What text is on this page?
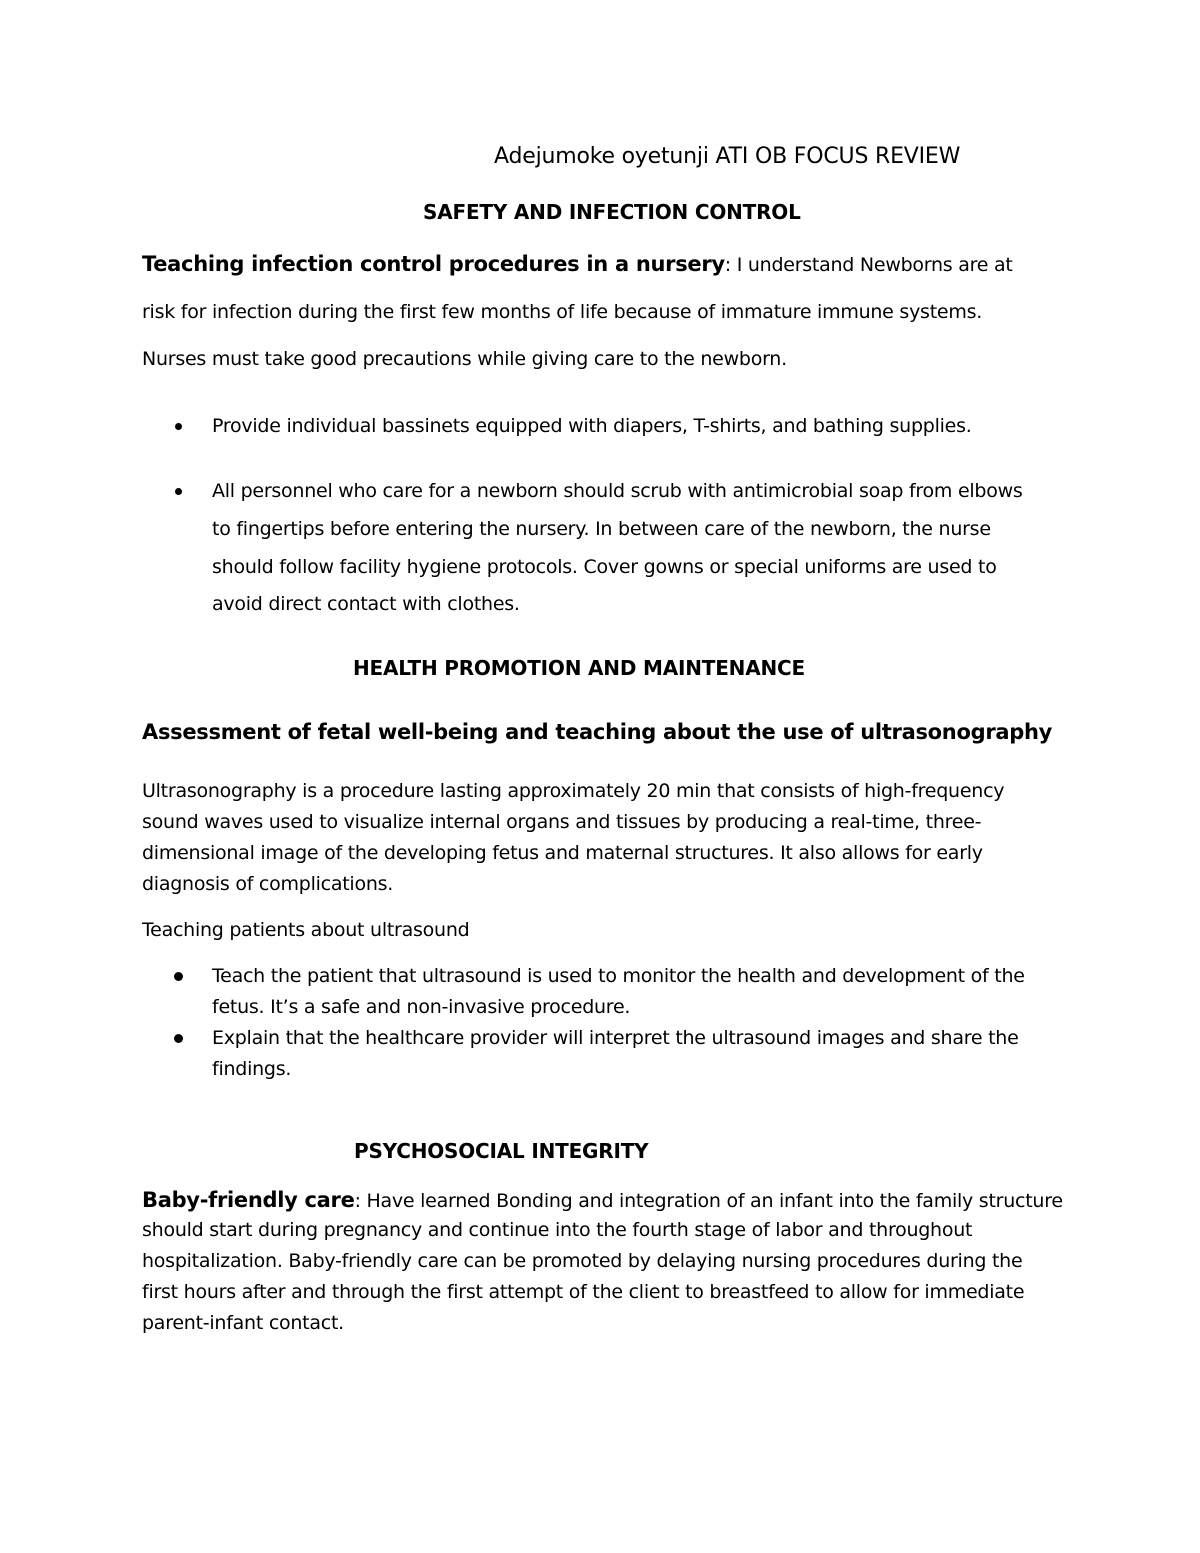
Adejumoke oyetunji ATI OB FOCUS REVIEW
SAFETY AND INFECTION CONTROL
Teaching infection control procedures in a nursery: I understand Newborns are at
risk for infection during the first few months of life because of immature immune systems.
Nurses must take good precautions while giving care to the newborn.
Provide individual bassinets equipped with diapers, T-shirts, and bathing supplies.
All personnel who care for a newborn should scrub with antimicrobial soap from elbows
to fingertips before entering the nursery. In between care of the newborn, the nurse
should follow facility hygiene protocols. Cover gowns or special uniforms are used to
avoid direct contact with clothes.
HEALTH PROMOTION AND MAINTENANCE
Assessment of fetal well-being and teaching about the use of ultrasonography
Ultrasonography is a procedure lasting approximately 20 min that consists of high-frequency
sound waves used to visualize internal organs and tissues by producing a real-time, three-
dimensional image of the developing fetus and maternal structures. It also allows for early
diagnosis of complications.
Teaching patients about ultrasound
Teach the patient that ultrasound is used to monitor the health and development of the
fetus. It’s a safe and non-invasive procedure.
Explain that the healthcare provider will interpret the ultrasound images and share the
findings.
PSYCHOSOCIAL INTEGRITY
Baby-friendly care: Have learned Bonding and integration of an infant into the family structure
should start during pregnancy and continue into the fourth stage of labor and throughout
hospitalization. Baby-friendly care can be promoted by delaying nursing procedures during the
first hours after and through the first attempt of the client to breastfeed to allow for immediate
parent-infant contact.
